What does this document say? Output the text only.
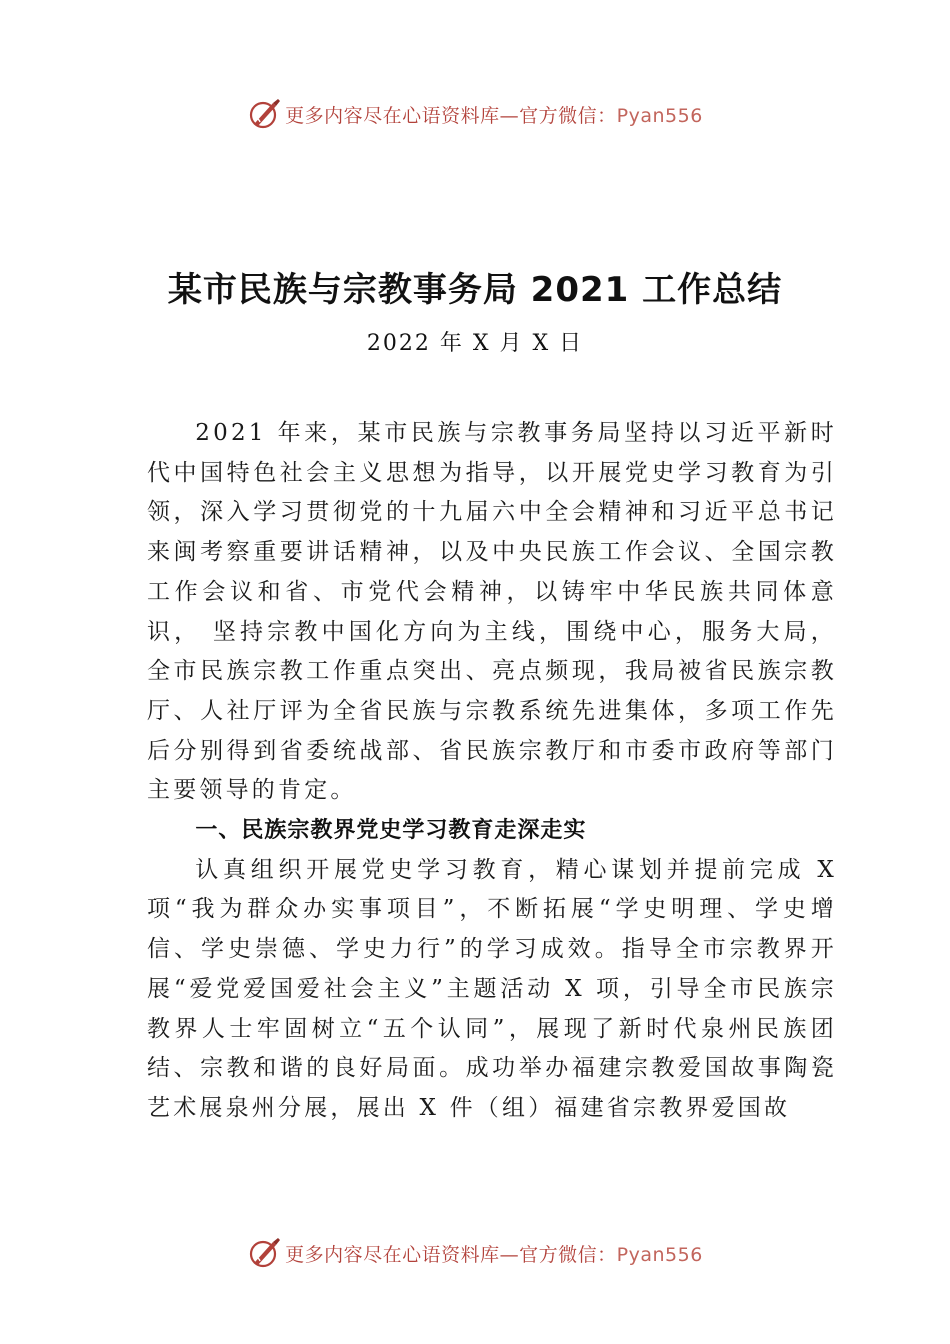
更多内容尽在心语资料库—官方微信：Pyan556
某市民族与宗教事务局 2021 工作总结
2022 年 X 月 X 日

2021 年来，某市民族与宗教事务局坚持以习近平新时代中国特色社会主义思想为指导，以开展党史学习教育为引领，深入学习贯彻党的十九届六中全会精神和习近平总书记来闽考察重要讲话精神，以及中央民族工作会议、全国宗教工作会议和省、市党代会精神，以铸牢中华民族共同体意识， 坚持宗教中国化方向为主线，围绕中心，服务大局，全市民族宗教工作重点突出、亮点频现，我局被省民族宗教厅、人社厅评为全省民族与宗教系统先进集体，多项工作先后分别得到省委统战部、省民族宗教厅和市委市政府等部门主要领导的肯定。

一、民族宗教界党史学习教育走深走实

认真组织开展党史学习教育，精心谋划并提前完成 X 项“我为群众办实事项目”，不断拓展“学史明理、学史增信、学史崇德、学史力行”的学习成效。指导全市宗教界开展“爱党爱国爱社会主义”主题活动 X 项，引导全市民族宗教界人士牢固树立“五个认同”，展现了新时代泉州民族团结、宗教和谐的良好局面。成功举办福建宗教爱国故事陶瓷艺术展泉州分展，展出 X 件（组）福建省宗教界爱国故

更多内容尽在心语资料库—官方微信：Pyan556
